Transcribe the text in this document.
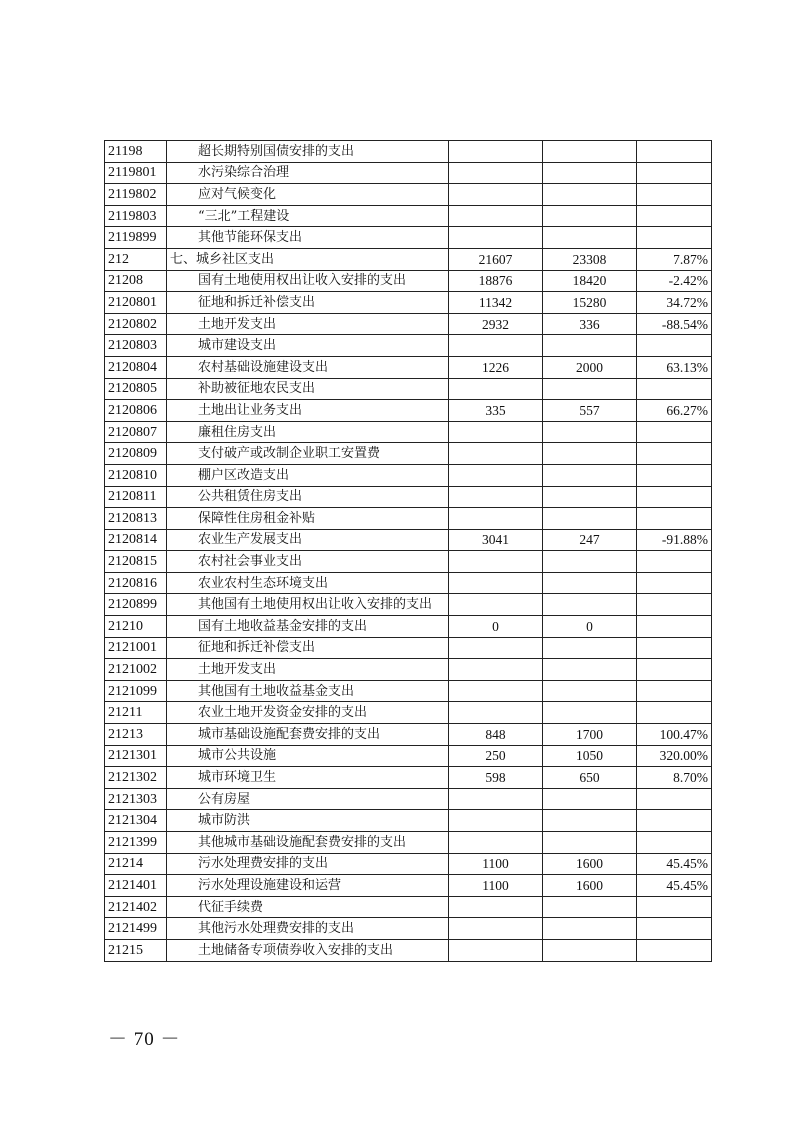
21198	超长期特别国债安排的支出			
2119801	水污染综合治理			
2119802	应对气候变化			
2119803	“三北”工程建设			
2119899	其他节能环保支出			
212	七、城乡社区支出	21607	23308	7.87%
21208	国有土地使用权出让收入安排的支出	18876	18420	-2.42%
2120801	征地和拆迁补偿支出	11342	15280	34.72%
2120802	土地开发支出	2932	336	-88.54%
2120803	城市建设支出			
2120804	农村基础设施建设支出	1226	2000	63.13%
2120805	补助被征地农民支出			
2120806	土地出让业务支出	335	557	66.27%
2120807	廉租住房支出			
2120809	支付破产或改制企业职工安置费			
2120810	棚户区改造支出			
2120811	公共租赁住房支出			
2120813	保障性住房租金补贴			
2120814	农业生产发展支出	3041	247	-91.88%
2120815	农村社会事业支出			
2120816	农业农村生态环境支出			
2120899	其他国有土地使用权出让收入安排的支出			
21210	国有土地收益基金安排的支出	0	0	
2121001	征地和拆迁补偿支出			
2121002	土地开发支出			
2121099	其他国有土地收益基金支出			
21211	农业土地开发资金安排的支出			
21213	城市基础设施配套费安排的支出	848	1700	100.47%
2121301	城市公共设施	250	1050	320.00%
2121302	城市环境卫生	598	650	8.70%
2121303	公有房屋			
2121304	城市防洪			
2121399	其他城市基础设施配套费安排的支出			
21214	污水处理费安排的支出	1100	1600	45.45%
2121401	污水处理设施建设和运营	1100	1600	45.45%
2121402	代征手续费			
2121499	其他污水处理费安排的支出			
21215	土地储备专项债券收入安排的支出			
－ 70 －
